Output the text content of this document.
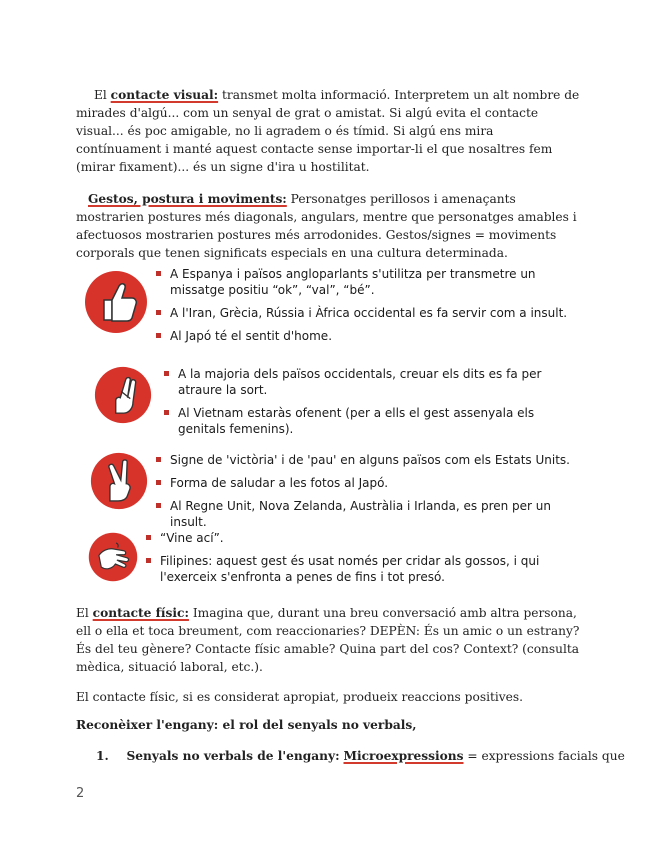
El contacte visual: transmet molta informació. Interpretem un alt nombre de mirades d'algú... com un senyal de grat o amistat. Si algú evita el contacte visual... és poc amigable, no li agradem o és tímid. Si algú ens mira contínuament i manté aquest contacte sense importar-li el que nosaltres fem (mirar fixament)... és un signe d'ira u hostilitat.

Gestos, postura i moviments: Personatges perillosos i amenaçants mostrarien postures més diagonals, angulars, mentre que personatges amables i afectuosos mostrarien postures més arrodonides. Gestos/signes = moviments corporals que tenen significats especials en una cultura determinada.

A Espanya i països angloparlants s'utilitza per transmetre un missatge positiu “ok”, “val”, “bé”.
A l'Iran, Grècia, Rússia i Àfrica occidental es fa servir com a insult.
Al Japó té el sentit d'home.
A la majoria dels països occidentals, creuar els dits es fa per atraure la sort.
Al Vietnam estaràs ofenent (per a ells el gest assenyala els genitals femenins).
Signe de 'victòria' i de 'pau' en alguns països com els Estats Units.
Forma de saludar a les fotos al Japó.
Al Regne Unit, Nova Zelanda, Austràlia i Irlanda, es pren per un insult.
“Vine ací”.
Filipines: aquest gest és usat només per cridar als gossos, i qui l'exerceix s'enfronta a penes de fins i tot presó.

El contacte físic: Imagina que, durant una breu conversació amb altra persona, ell o ella et toca breument, com reaccionaries? DEPÈN: És un amic o un estrany? És del teu gènere? Contacte físic amable? Quina part del cos? Context? (consulta mèdica, situació laboral, etc.).

El contacte físic, si es considerat apropiat, produeix reaccions positives.

Reconèixer l'engany: el rol del senyals no verbals,

1. Senyals no verbals de l'engany: Microexpressions = expressions facials que
2
